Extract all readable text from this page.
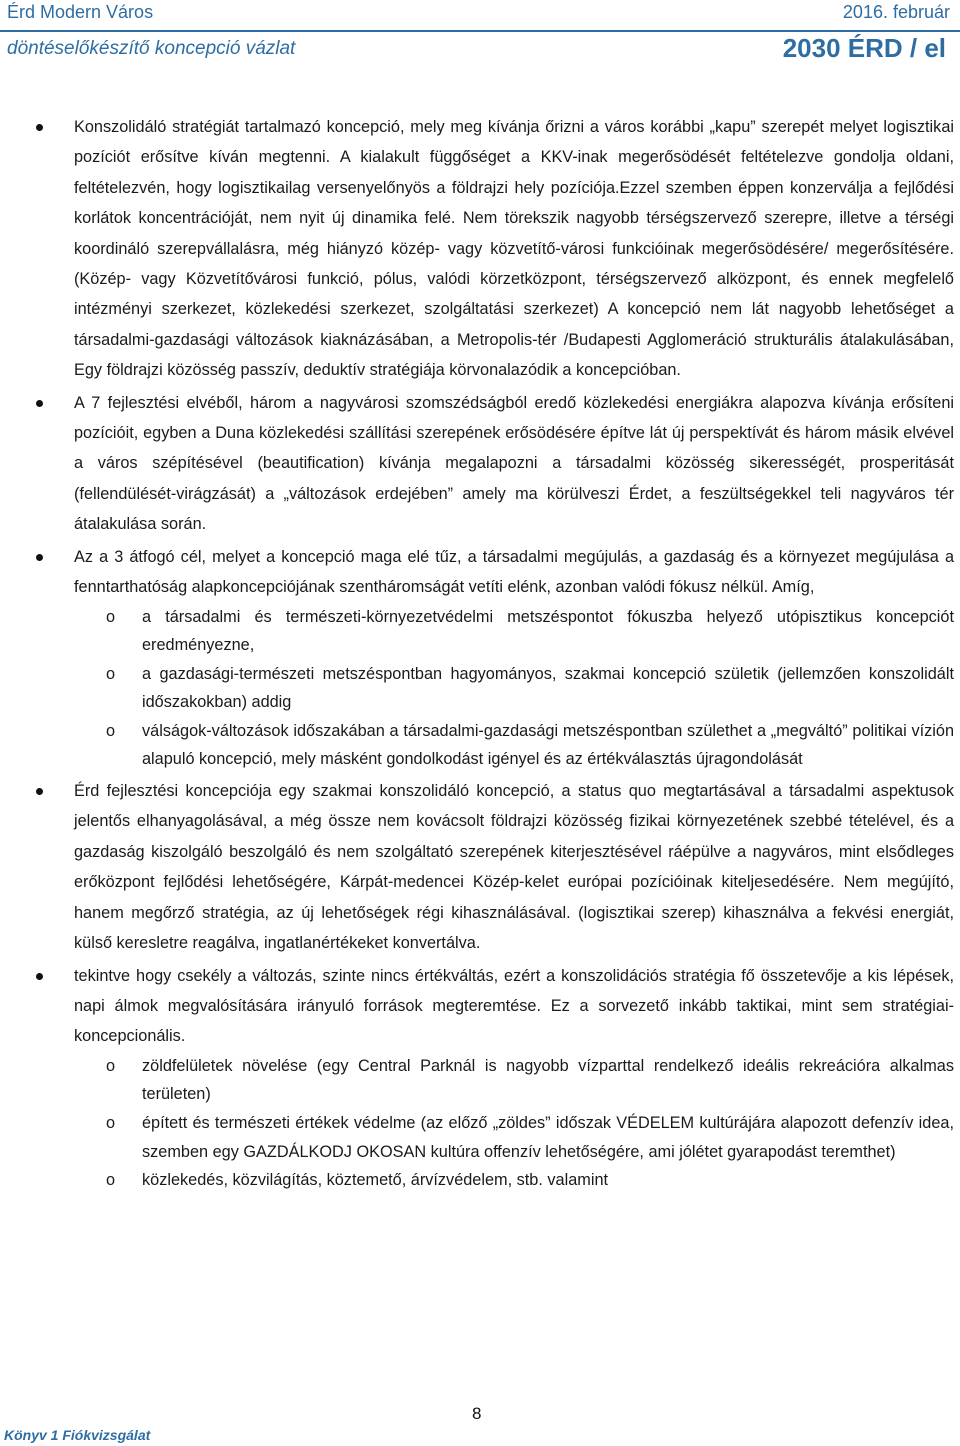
Érd Modern Város	2016. február
döntéselőkészítő koncepció vázlat	2030 ÉRD / el

Konszolidáló stratégiát tartalmazó koncepció, mely meg kívánja őrizni a város korábbi „kapu” szerepét melyet logisztikai pozíciót erősítve kíván megtenni. A kialakult függőséget a KKV-inak megerősödését feltételezve gondolja oldani, feltételezvén, hogy logisztikailag versenyelőnyös a földrajzi hely pozíciója.Ezzel szemben éppen konzerválja a fejlődési korlátok koncentrációját, nem nyit új dinamika felé. Nem törekszik nagyobb térségszervező szerepre, illetve a térségi koordináló szerepvállalásra, még hiányzó közép- vagy közvetítő-városi funkcióinak megerősödésére/ megerősítésére. (Közép- vagy Közvetítővárosi funkció, pólus, valódi körzetközpont, térségszervező alközpont, és ennek megfelelő intézményi szerkezet, közlekedési szerkezet, szolgáltatási szerkezet) A koncepció nem lát nagyobb lehetőséget a társadalmi-gazdasági változások kiaknázásában, a Metropolis-tér /Budapesti Agglomeráció strukturális átalakulásában, Egy földrajzi közösség passzív, deduktív stratégiája körvonalazódik a koncepcióban.

A 7 fejlesztési elvéből, három a nagyvárosi szomszédságból eredő közlekedési energiákra alapozva kívánja erősíteni pozícióit, egyben a Duna közlekedési szállítási szerepének erősödésére építve lát új perspektívát és három másik elvével a város szépítésével (beautification) kívánja megalapozni a társadalmi közösség sikerességét, prosperitását (fellendülését-virágzását) a „változások erdejében” amely ma körülveszi Érdet, a feszültségekkel teli nagyváros tér átalakulása során.

Az a 3 átfogó cél, melyet a koncepció maga elé tűz, a társadalmi megújulás, a gazdaság és a környezet megújulása a fenntarthatóság alapkoncepciójának szentháromságát vetíti elénk, azonban valódi fókusz nélkül. Amíg,

o a társadalmi és természeti-környezetvédelmi metszéspontot fókuszba helyező utópisztikus koncepciót eredményezne,

o a gazdasági-természeti metszéspontban hagyományos, szakmai koncepció születik (jellemzően konszolidált időszakokban) addig

o válságok-változások időszakában a társadalmi-gazdasági metszéspontban születhet a „megváltó” politikai vízión alapuló koncepció, mely másként gondolkodást igényel és az értékválasztás újragondolását

Érd fejlesztési koncepciója egy szakmai konszolidáló koncepció, a status quo megtartásával a társadalmi aspektusok jelentős elhanyagolásával, a még össze nem kovácsolt földrajzi közösség fizikai környezetének szebbé tételével, és a gazdaság kiszolgáló beszolgáló és nem szolgáltató szerepének kiterjesztésével ráépülve a nagyváros, mint elsődleges erőközpont fejlődési lehetőségére, Kárpát-medencei Közép-kelet európai pozícióinak kiteljesedésére. Nem megújító, hanem megőrző stratégia, az új lehetőségek régi kihasználásával. (logisztikai szerep) kihasználva a fekvési energiát, külső keresletre reagálva, ingatlanértékeket konvertálva.

tekintve hogy csekély a változás, szinte nincs értékváltás, ezért a konszolidációs stratégia fő összetevője a kis lépések, napi álmok megvalósítására irányuló források megteremtése. Ez a sorvezető inkább taktikai, mint sem stratégiai-koncepcionális.

o zöldfelületek növelése (egy Central Parknál is nagyobb vízparttal rendelkező ideális rekreációra alkalmas területen)

o épített és természeti értékek védelme (az előző „zöldes” időszak VÉDELEM kultúrájára alapozott defenzív idea, szemben egy GAZDÁLKODJ OKOSAN kultúra offenzív lehetőségére, ami jólétet gyarapodást teremthet)

o közlekedés, közvilágítás, köztemető, árvízvédelem, stb. valamint

8
Könyv 1 Fiókvizsgálat
